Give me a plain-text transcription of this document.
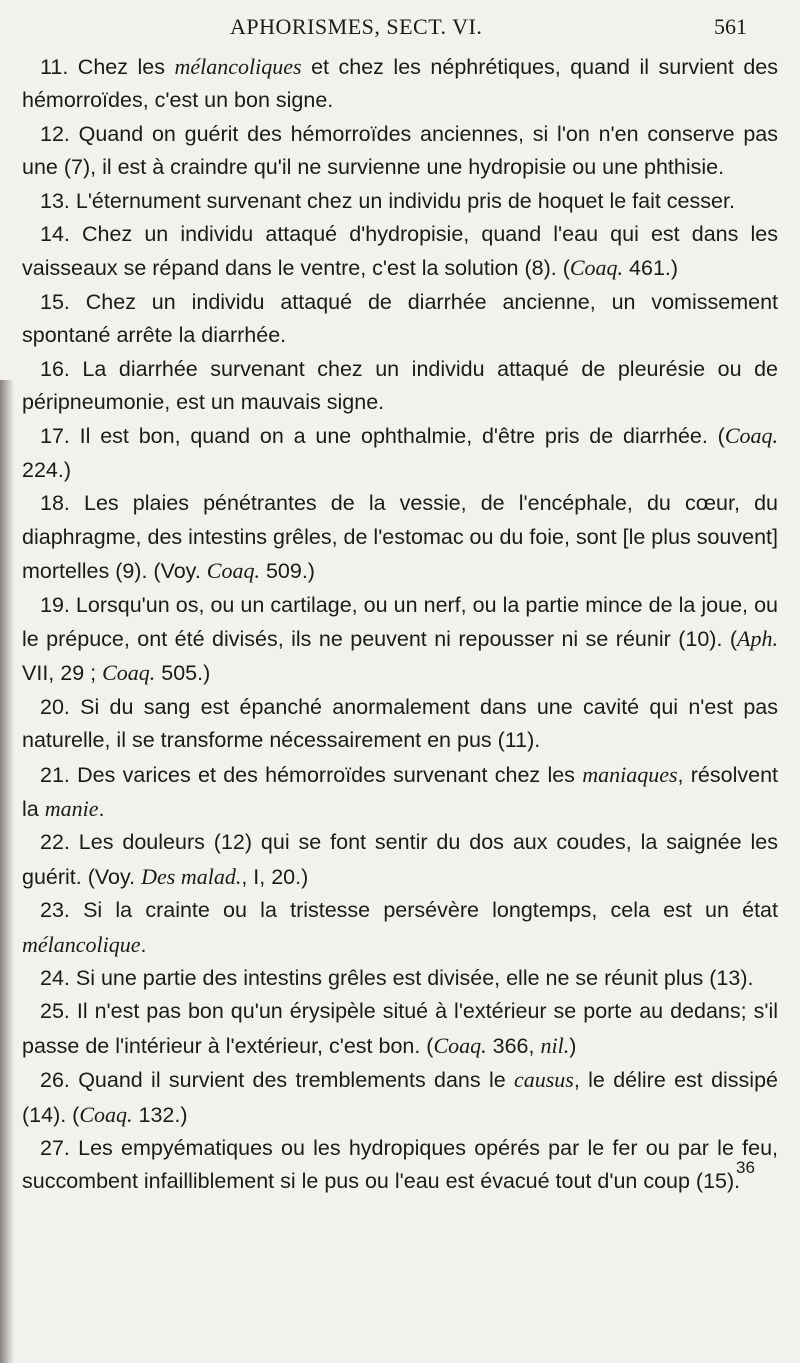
APHORISMES, SECT. VI.	561

11. Chez les mélancoliques et chez les néphrétiques, quand il survient des hémorroïdes, c'est un bon signe.

12. Quand on guérit des hémorroïdes anciennes, si l'on n'en conserve pas une (7), il est à craindre qu'il ne survienne une hydropisie ou une phthisie.

13. L'éternument survenant chez un individu pris de hoquet le fait cesser.

14. Chez un individu attaqué d'hydropisie, quand l'eau qui est dans les vaisseaux se répand dans le ventre, c'est la solution (8). (Coaq. 461.)

15. Chez un individu attaqué de diarrhée ancienne, un vomissement spontané arrête la diarrhée.

16. La diarrhée survenant chez un individu attaqué de pleurésie ou de péripneumonie, est un mauvais signe.

17. Il est bon, quand on a une ophthalmie, d'être pris de diarrhée. (Coaq. 224.)

18. Les plaies pénétrantes de la vessie, de l'encéphale, du cœur, du diaphragme, des intestins grêles, de l'estomac ou du foie, sont [le plus souvent] mortelles (9). (Voy. Coaq. 509.)

19. Lorsqu'un os, ou un cartilage, ou un nerf, ou la partie mince de la joue, ou le prépuce, ont été divisés, ils ne peuvent ni repousser ni se réunir (10). (Aph. VII, 29 ; Coaq. 505.)

20. Si du sang est épanché anormalement dans une cavité qui n'est pas naturelle, il se transforme nécessairement en pus (11).

21. Des varices et des hémorroïdes survenant chez les maniaques, résolvent la manie.

22. Les douleurs (12) qui se font sentir du dos aux coudes, la saignée les guérit. (Voy. Des malad., I, 20.)

23. Si la crainte ou la tristesse persévère longtemps, cela est un état mélancolique.

24. Si une partie des intestins grêles est divisée, elle ne se réunit plus (13).

25. Il n'est pas bon qu'un érysipèle situé à l'extérieur se porte au dedans; s'il passe de l'intérieur à l'extérieur, c'est bon. (Coaq. 366, nil.)

26. Quand il survient des tremblements dans le causus, le délire est dissipé (14). (Coaq. 132.)

27. Les empyématiques ou les hydropiques opérés par le fer ou par le feu, succombent infailliblement si le pus ou l'eau est évacué tout d'un coup (15).

36
